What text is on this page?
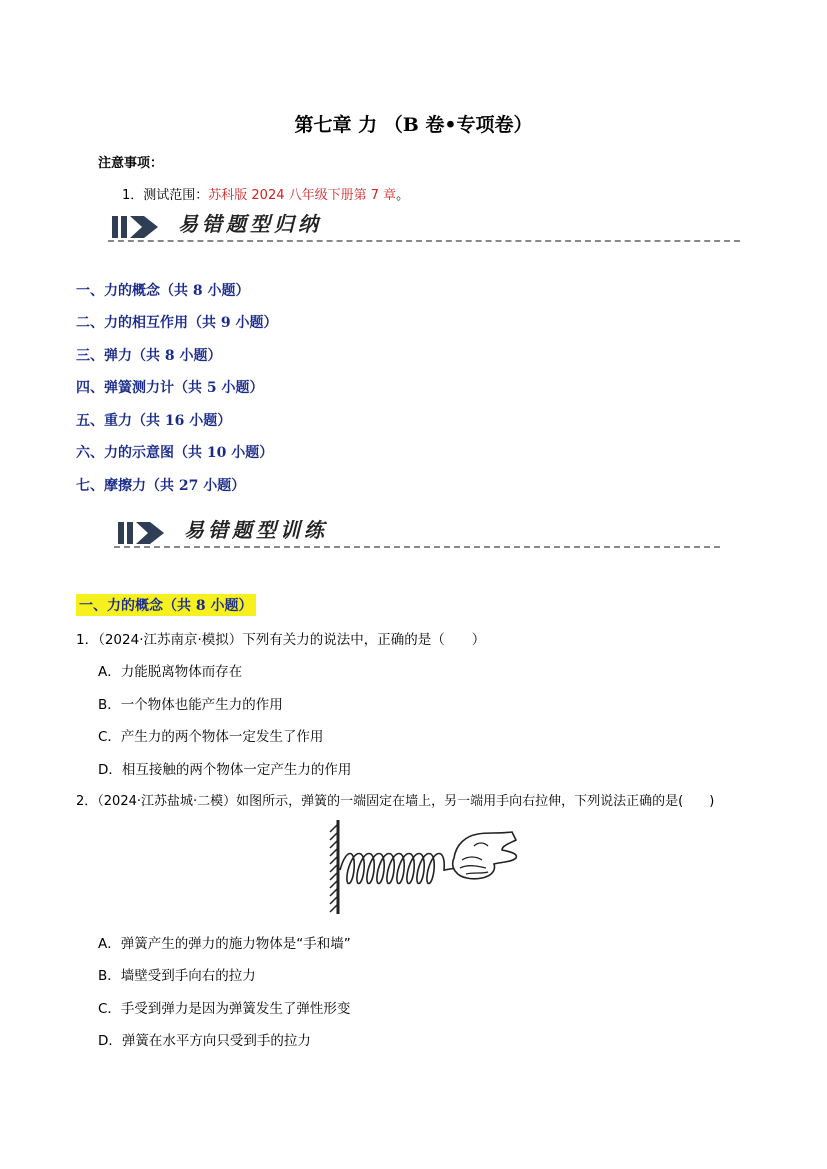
第七章 力 （B 卷•专项卷）
注意事项：
1．测试范围：苏科版 2024 八年级下册第 7 章。
易错题型归纳
一、力的概念（共 8 小题）
二、力的相互作用（共 9 小题）
三、弹力（共 8 小题）
四、弹簧测力计（共 5 小题）
五、重力（共 16 小题）
六、力的示意图（共 10 小题）
七、摩擦力（共 27 小题）
易错题型训练
一、力的概念（共 8 小题）
1．（2024·江苏南京·模拟）下列有关力的说法中，正确的是（　　）
A．力能脱离物体而存在
B．一个物体也能产生力的作用
C．产生力的两个物体一定发生了作用
D．相互接触的两个物体一定产生力的作用
2．（2024·江苏盐城·二模）如图所示，弹簧的一端固定在墙上，另一端用手向右拉伸，下列说法正确的是(　　)
A．弹簧产生的弹力的施力物体是“手和墙”
B．墙壁受到手向右的拉力
C．手受到弹力是因为弹簧发生了弹性形变
D．弹簧在水平方向只受到手的拉力
